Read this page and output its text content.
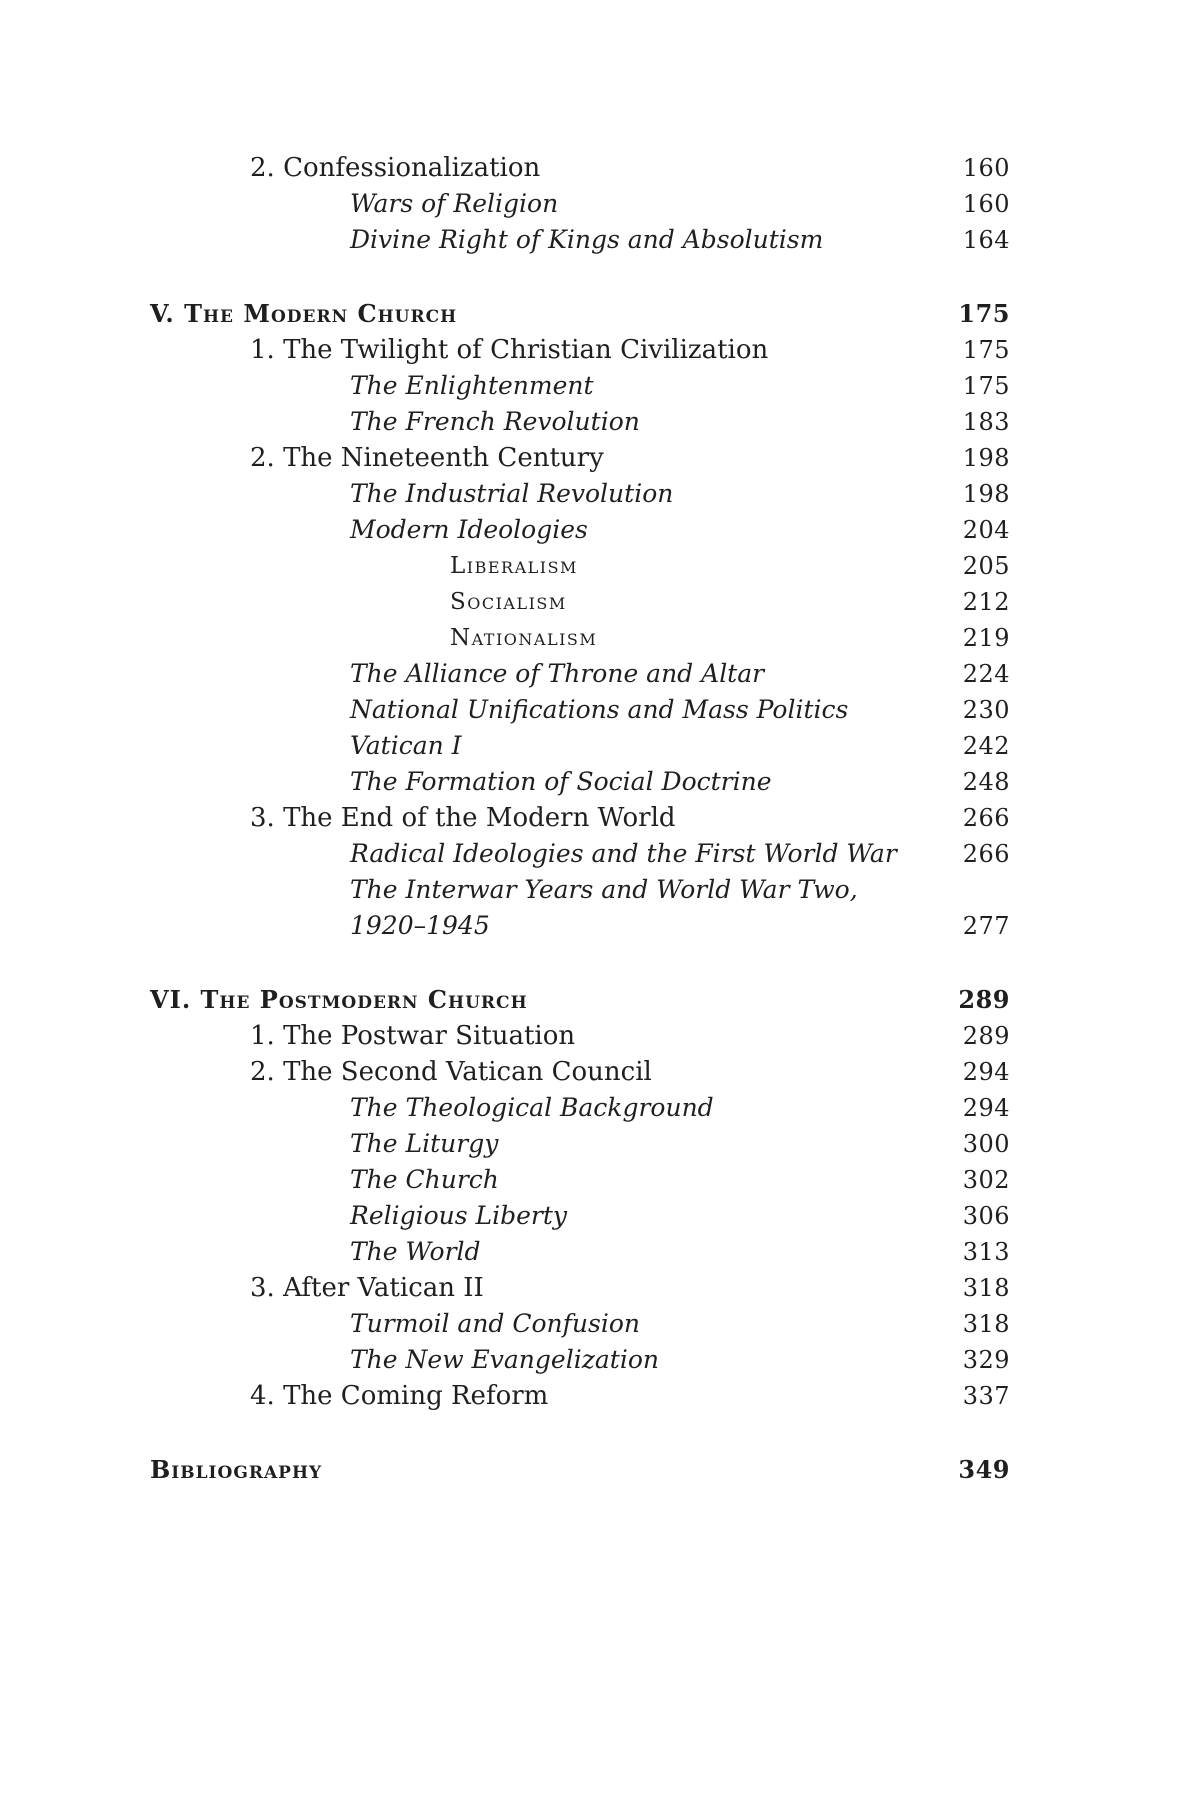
2. Confessionalization	160
Wars of Religion	160
Divine Right of Kings and Absolutism	164
V. The Modern Church	175
1. The Twilight of Christian Civilization	175
The Enlightenment	175
The French Revolution	183
2. The Nineteenth Century	198
The Industrial Revolution	198
Modern Ideologies	204
Liberalism	205
Socialism	212
Nationalism	219
The Alliance of Throne and Altar	224
National Unifications and Mass Politics	230
Vatican I	242
The Formation of Social Doctrine	248
3. The End of the Modern World	266
Radical Ideologies and the First World War	266
The Interwar Years and World War Two, 1920–1945	277
VI. The Postmodern Church	289
1. The Postwar Situation	289
2. The Second Vatican Council	294
The Theological Background	294
The Liturgy	300
The Church	302
Religious Liberty	306
The World	313
3. After Vatican II	318
Turmoil and Confusion	318
The New Evangelization	329
4. The Coming Reform	337
Bibliography	349
